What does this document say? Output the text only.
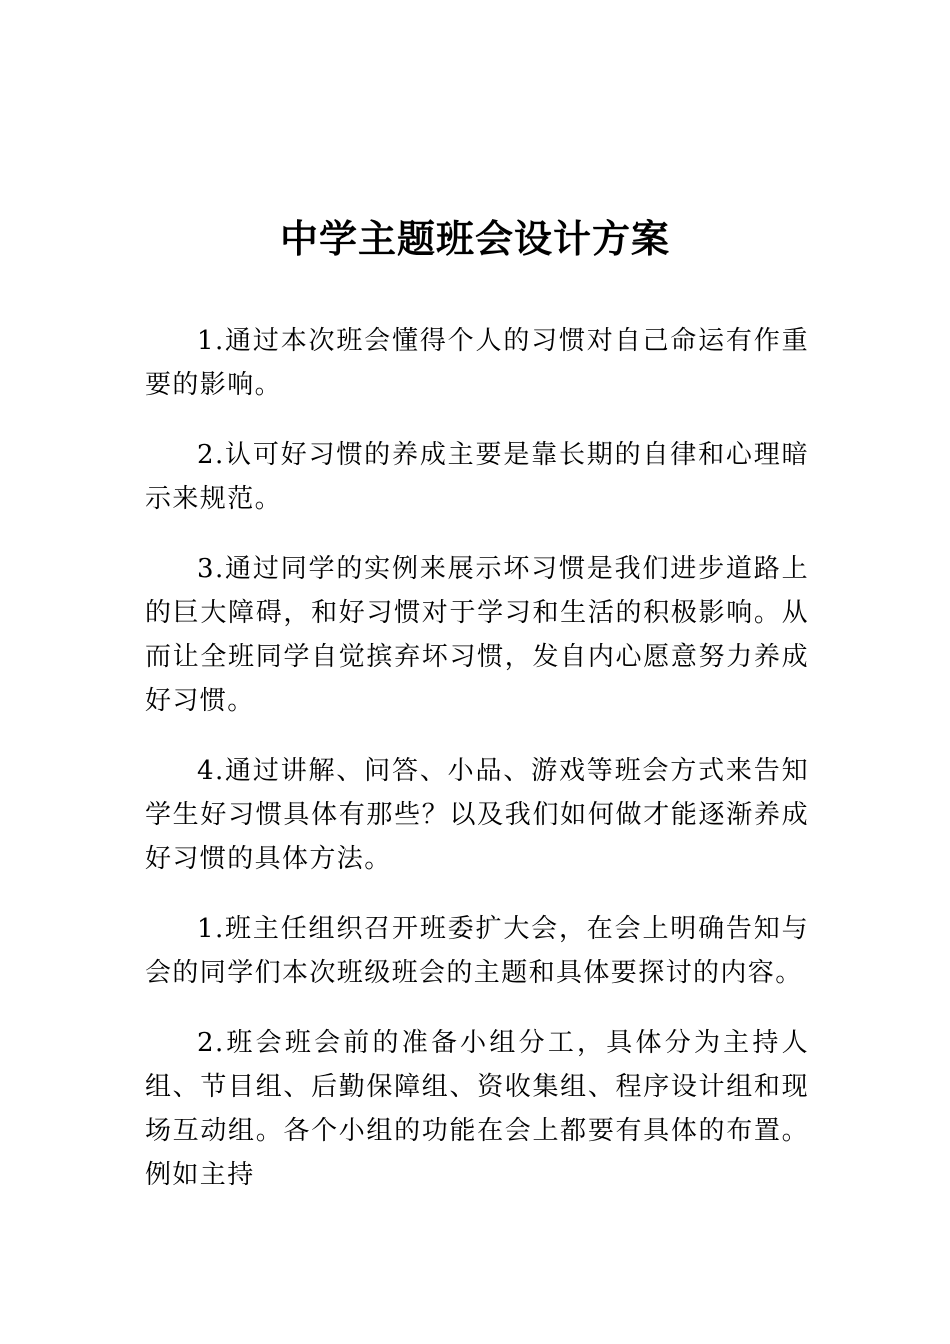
中学主题班会设计方案

1.通过本次班会懂得个人的习惯对自己命运有作重要的影响。

2.认可好习惯的养成主要是靠长期的自律和心理暗示来规范。

3.通过同学的实例来展示坏习惯是我们进步道路上的巨大障碍，和好习惯对于学习和生活的积极影响。从而让全班同学自觉摈弃坏习惯，发自内心愿意努力养成好习惯。

4.通过讲解、问答、小品、游戏等班会方式来告知学生好习惯具体有那些？以及我们如何做才能逐渐养成好习惯的具体方法。

1.班主任组织召开班委扩大会，在会上明确告知与会的同学们本次班级班会的主题和具体要探讨的内容。

2.班会班会前的准备小组分工，具体分为主持人组、节目组、后勤保障组、资收集组、程序设计组和现场互动组。各个小组的功能在会上都要有具体的布置。例如主持
